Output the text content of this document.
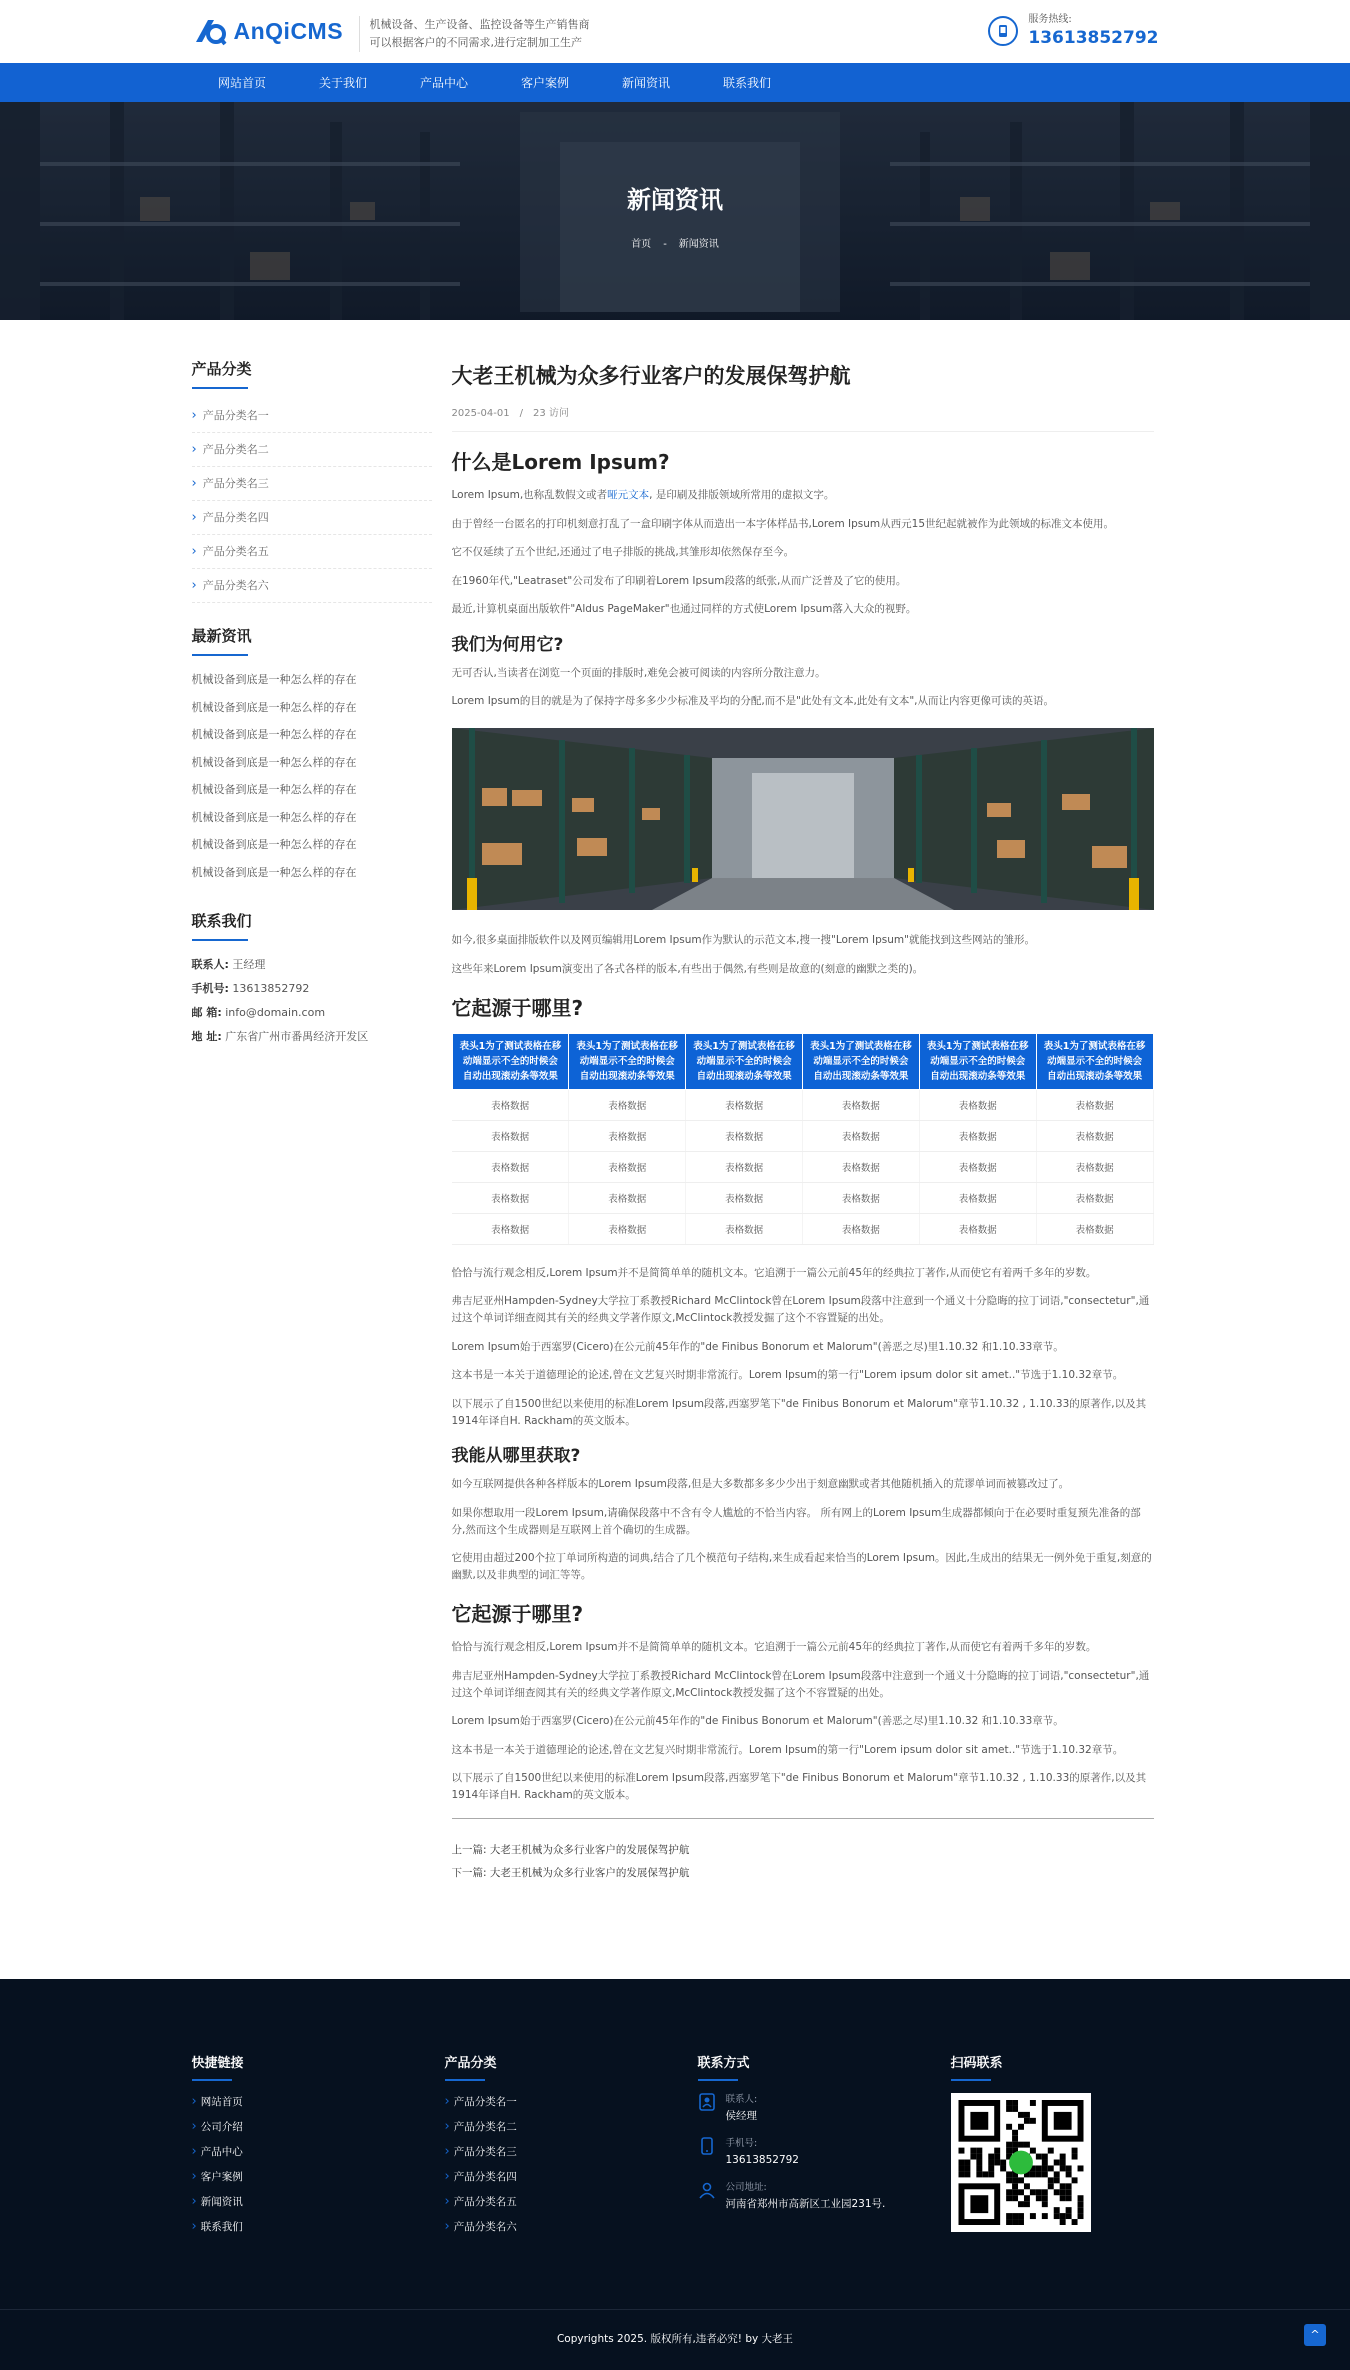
AnQiCMS 机械设备、生产设备、监控设备等生产销售商
可以根据客户的不同需求,进行定制加工生产
服务热线:
13613852792
网站首页	关于我们	产品中心	客户案例	新闻资讯	联系我们
新闻资讯
首页 - 新闻资讯
产品分类
› 产品分类名一
› 产品分类名二
› 产品分类名三
› 产品分类名四
› 产品分类名五
› 产品分类名六
最新资讯
机械设备到底是一种怎么样的存在
机械设备到底是一种怎么样的存在
机械设备到底是一种怎么样的存在
机械设备到底是一种怎么样的存在
机械设备到底是一种怎么样的存在
机械设备到底是一种怎么样的存在
机械设备到底是一种怎么样的存在
机械设备到底是一种怎么样的存在
联系我们
联系人: 王经理
手机号: 13613852792
邮 箱: info@domain.com
地 址: 广东省广州市番禺经济开发区
大老王机械为众多行业客户的发展保驾护航
2025-04-01 / 23 访问
什么是Lorem Ipsum?

Lorem Ipsum,也称乱数假文或者哑元文本, 是印刷及排版领域所常用的虚拟文字。

由于曾经一台匿名的打印机刻意打乱了一盒印刷字体从而造出一本字体样品书,Lorem Ipsum从西元15世纪起就被作为此领域的标准文本使用。

它不仅延续了五个世纪,还通过了电子排版的挑战,其雏形却依然保存至今。

在1960年代,"Leatraset"公司发布了印刷着Lorem Ipsum段落的纸张,从而广泛普及了它的使用。

最近,计算机桌面出版软件"Aldus PageMaker"也通过同样的方式使Lorem Ipsum落入大众的视野。

我们为何用它?

无可否认,当读者在浏览一个页面的排版时,难免会被可阅读的内容所分散注意力。

Lorem Ipsum的目的就是为了保持字母多多少少标准及平均的分配,而不是"此处有文本,此处有文本",从而让内容更像可读的英语。

如今,很多桌面排版软件以及网页编辑用Lorem Ipsum作为默认的示范文本,搜一搜"Lorem Ipsum"就能找到这些网站的雏形。

这些年来Lorem Ipsum演变出了各式各样的版本,有些出于偶然,有些则是故意的(刻意的幽默之类的)。

它起源于哪里?
表头1为了测试表格在移动端显示不全的时候会自动出现滚动条等效果	表头1为了测试表格在移动端显示不全的时候会自动出现滚动条等效果	表头1为了测试表格在移动端显示不全的时候会自动出现滚动条等效果	表头1为了测试表格在移动端显示不全的时候会自动出现滚动条等效果	表头1为了测试表格在移动端显示不全的时候会自动出现滚动条等效果	表头1为了测试表格在移动端显示不全的时候会自动出现滚动条等效果
表格数据	表格数据	表格数据	表格数据	表格数据	表格数据
表格数据	表格数据	表格数据	表格数据	表格数据	表格数据
表格数据	表格数据	表格数据	表格数据	表格数据	表格数据
表格数据	表格数据	表格数据	表格数据	表格数据	表格数据
表格数据	表格数据	表格数据	表格数据	表格数据	表格数据

恰恰与流行观念相反,Lorem Ipsum并不是简简单单的随机文本。它追溯于一篇公元前45年的经典拉丁著作,从而使它有着两千多年的岁数。

弗吉尼亚州Hampden-Sydney大学拉丁系教授Richard McClintock曾在Lorem Ipsum段落中注意到一个通义十分隐晦的拉丁词语,"consectetur",通过这个单词详细查阅其有关的经典文学著作原文,McClintock教授发掘了这个不容置疑的出处。

Lorem Ipsum始于西塞罗(Cicero)在公元前45年作的"de Finibus Bonorum et Malorum"(善恶之尽)里1.10.32 和1.10.33章节。

这本书是一本关于道德理论的论述,曾在文艺复兴时期非常流行。Lorem Ipsum的第一行"Lorem ipsum dolor sit amet.."节选于1.10.32章节。

以下展示了自1500世纪以来使用的标准Lorem Ipsum段落,西塞罗笔下"de Finibus Bonorum et Malorum"章节1.10.32 , 1.10.33的原著作,以及其1914年译自H. Rackham的英文版本。

我能从哪里获取?

如今互联网提供各种各样版本的Lorem Ipsum段落,但是大多数都多多少少出于刻意幽默或者其他随机插入的荒谬单词而被篡改过了。

如果你想取用一段Lorem Ipsum,请确保段落中不含有令人尴尬的不恰当内容。 所有网上的Lorem Ipsum生成器都倾向于在必要时重复预先准备的部分,然而这个生成器则是互联网上首个确切的生成器。

它使用由超过200个拉丁单词所构造的词典,结合了几个模范句子结构,来生成看起来恰当的Lorem Ipsum。因此,生成出的结果无一例外免于重复,刻意的幽默,以及非典型的词汇等等。

它起源于哪里?

恰恰与流行观念相反,Lorem Ipsum并不是简简单单的随机文本。它追溯于一篇公元前45年的经典拉丁著作,从而使它有着两千多年的岁数。

弗吉尼亚州Hampden-Sydney大学拉丁系教授Richard McClintock曾在Lorem Ipsum段落中注意到一个通义十分隐晦的拉丁词语,"consectetur",通过这个单词详细查阅其有关的经典文学著作原文,McClintock教授发掘了这个不容置疑的出处。

Lorem Ipsum始于西塞罗(Cicero)在公元前45年作的"de Finibus Bonorum et Malorum"(善恶之尽)里1.10.32 和1.10.33章节。

这本书是一本关于道德理论的论述,曾在文艺复兴时期非常流行。Lorem Ipsum的第一行"Lorem ipsum dolor sit amet.."节选于1.10.32章节。

以下展示了自1500世纪以来使用的标准Lorem Ipsum段落,西塞罗笔下"de Finibus Bonorum et Malorum"章节1.10.32 , 1.10.33的原著作,以及其1914年译自H. Rackham的英文版本。

上一篇: 大老王机械为众多行业客户的发展保驾护航
下一篇: 大老王机械为众多行业客户的发展保驾护航
快捷链接
› 网站首页
› 公司介绍
› 产品中心
› 客户案例
› 新闻资讯
› 联系我们
产品分类
› 产品分类名一
› 产品分类名二
› 产品分类名三
› 产品分类名四
› 产品分类名五
› 产品分类名六
联系方式
联系人:
侯经理
手机号:
13613852792
公司地址:
河南省郑州市高新区工业园231号.
扫码联系
Copyrights 2025. 版权所有,违者必究! by 大老王	^
